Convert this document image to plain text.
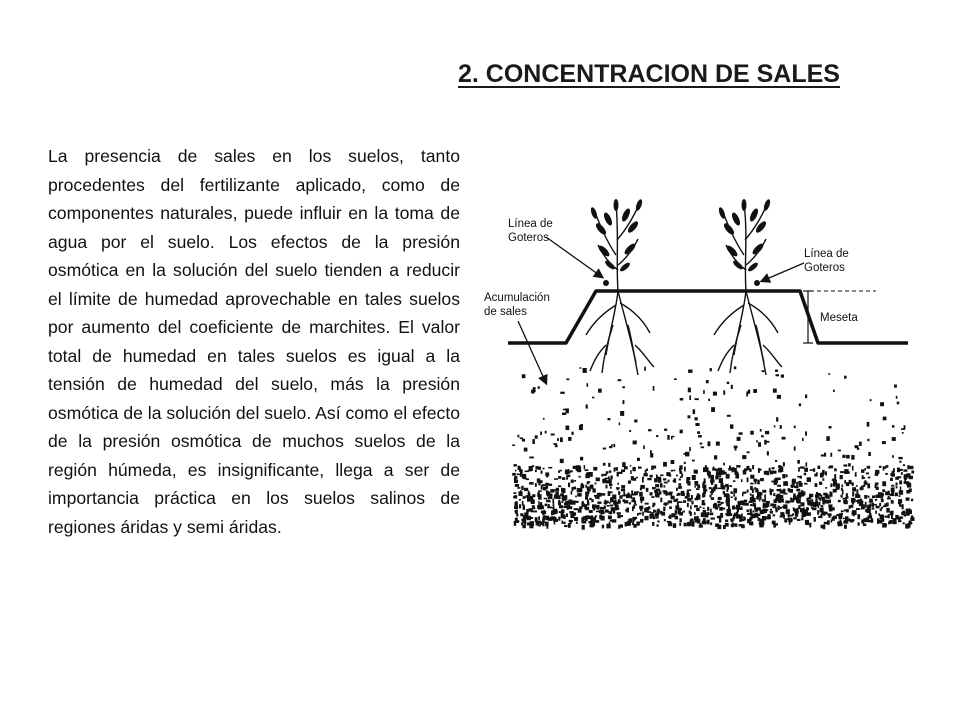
2. CONCENTRACION DE SALES

La presencia de sales en los suelos, tanto procedentes del fertilizante aplicado, como de componentes naturales, puede influir en la toma de agua por el suelo. Los efectos de la presión osmótica en la solución del suelo tienden a reducir el límite de humedad aprovechable en tales suelos por aumento del coeficiente de marchites. El valor total de humedad en tales suelos es igual a la tensión de humedad del suelo, más la presión osmótica de la solución del suelo. Así como el efecto de la presión osmótica de muchos suelos de la región húmeda, es insignificante, llega a ser de importancia práctica en los suelos salinos de regiones áridas y semi áridas.

Línea de
Goteros
Línea de
Goteros
Acumulación
de sales	Meseta
